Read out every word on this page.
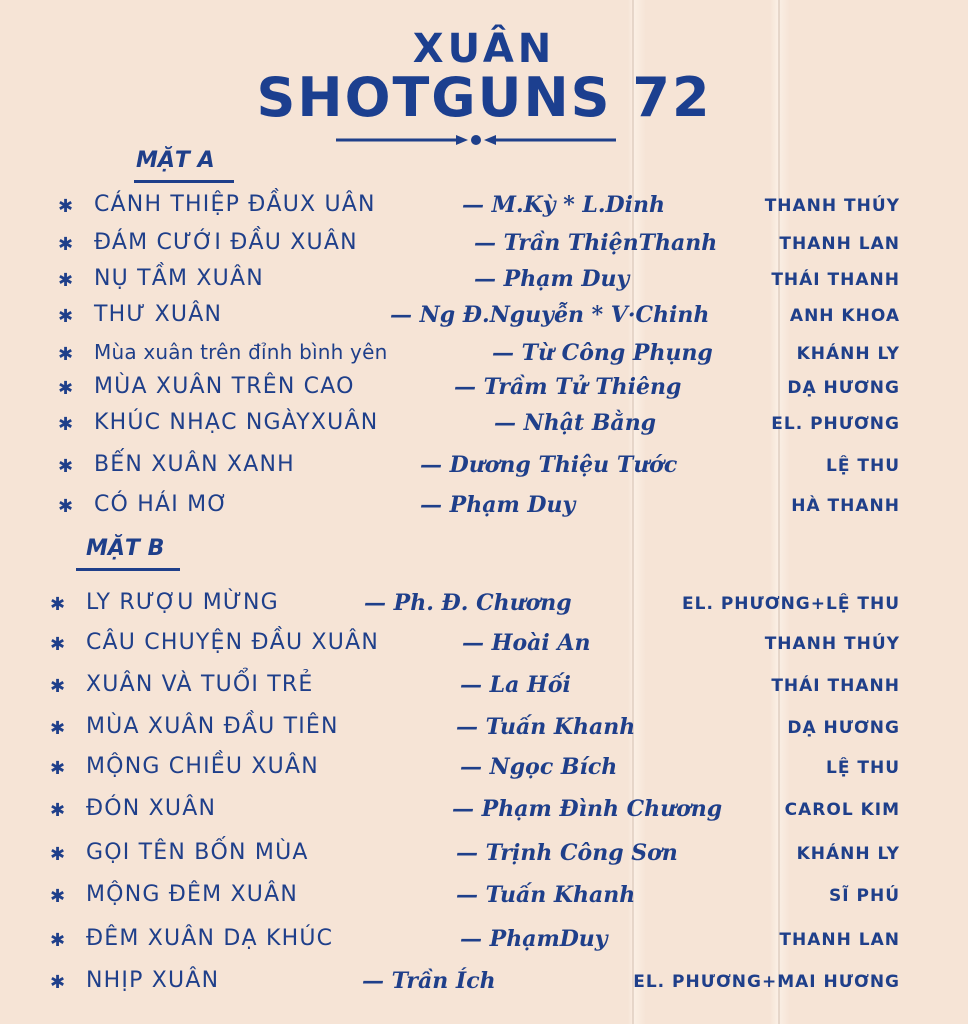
XUÂN
SHOTGUNS 72
MẶT A
✱ CÁNH THIỆP ĐẦUX UÂN	— M.Kỳ * L.Dinh	THANH THÚY
✱ ĐÁM CƯỚI ĐẦU XUÂN	— Trần ThiệnThanh	THANH LAN
✱ NỤ TẦM XUÂN	— Phạm Duy	THÁI THANH
✱ THƯ XUÂN	— Ng Đ.Nguyễn * V·Chinh	ANH KHOA
✱ Mùa xuân trên đỉnh bình yên	— Từ Công Phụng	KHÁNH LY
✱ MÙA XUÂN TRÊN CAO	— Trầm Tử Thiêng	DẠ HƯƠNG
✱ KHÚC NHẠC NGÀYXUÂN	— Nhật Bằng	EL. PHƯƠNG
✱ BẾN XUÂN XANH	— Dương Thiệu Tước	LỆ THU
✱ CÓ HÁI MƠ	— Phạm Duy	HÀ THANH
MẶT B
✱ LY RƯỢU MỪNG	— Ph. Đ. Chương	EL. PHƯƠNG+LỆ THU
✱ CÂU CHUYỆN ĐẦU XUÂN	— Hoài An	THANH THÚY
✱ XUÂN VÀ TUỔI TRẺ	— La Hối	THÁI THANH
✱ MÙA XUÂN ĐẦU TIÊN	— Tuấn Khanh	DẠ HƯƠNG
✱ MỘNG CHIỀU XUÂN	— Ngọc Bích	LỆ THU
✱ ĐÓN XUÂN	— Phạm Đình Chương	CAROL KIM
✱ GỌI TÊN BỐN MÙA	— Trịnh Công Sơn	KHÁNH LY
✱ MỘNG ĐÊM XUÂN	— Tuấn Khanh	SĨ PHÚ
✱ ĐÊM XUÂN DẠ KHÚC	— PhạmDuy	THANH LAN
✱ NHỊP XUÂN	— Trần Ích	EL. PHƯƠNG+MAI HƯƠNG
